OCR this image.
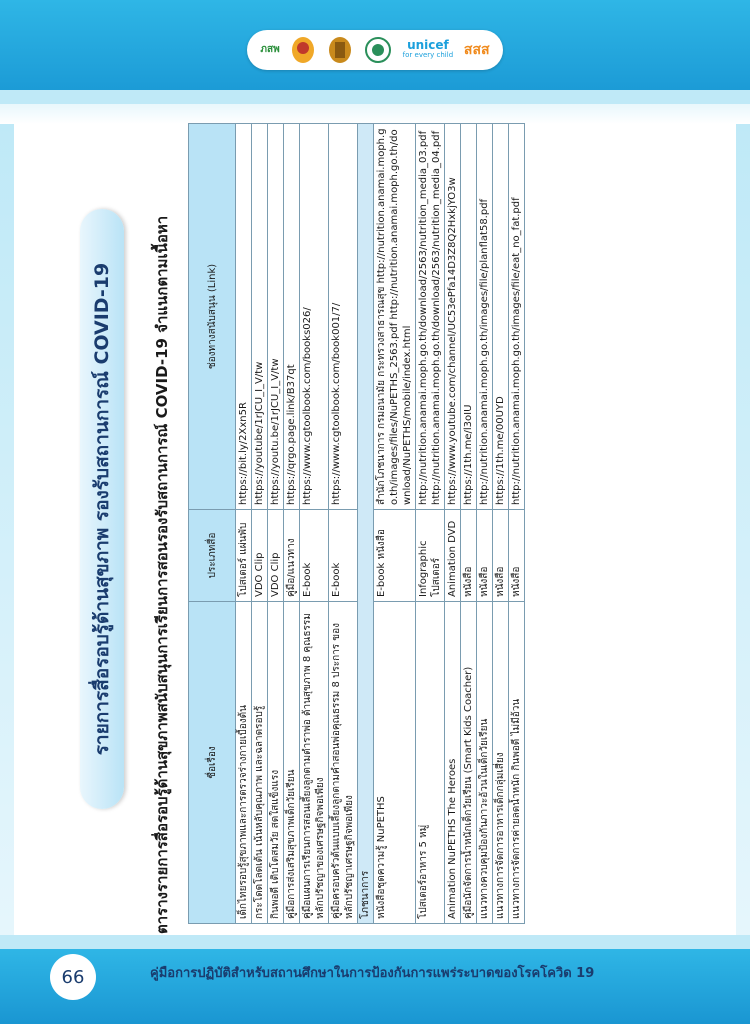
ภสพ	unicef
for every child สสส
รายการสื่อรอบรู้ด้านสุขภาพ รองรับสถานการณ์ COVID-19	ตารางรายการสื่อรอบรู้ด้านสุขภาพสนับสนุนการเรียนการสอนรองรับสถานการณ์ COVID-19 จำแนกตามเนื้อหา	ชื่อเรื่อง	ประเภทสื่อ	ช่องทางสนับสนุน (Link)
เด็กไทยรอบรู้สุขภาพและการตรวจร่างกายเบื้องต้น	โปสเตอร์ แผ่นพับ	https://bit.ly/2Xxn5R
กระโดดโลดเต้น เน้นหลับคุณภาพ และฉลาดรอบรู้	VDO Clip	https://youtube/1rJCU_I_V/tw
กินพอดี เติบโตสมวัย สดใสแข็งแรง	VDO Clip	https://youtu.be/1rJCU_I_V/tw
คู่มือการส่งเสริมสุขภาพเด็กวัยเรียน	คู่มือ/แนวทาง	https://qrgo.page.link/B37qt
คู่มือแผนการเรียนการสอนเลี้ยงลูกตามตำราพ่อ ด้านสุขภาพ 8 คุณธรรมหลักปรัชญาของเศรษฐกิจพอเพียง	E-book	https://www.cgtoolbook.com/books026/
คู่มือครอบครัวต้นแบบเลี้ยงลูกตามคำสอนพ่อคุณธรรม 8 ประการ ของหลักปรัชญาเศรษฐกิจพอเพียง	E-book	https://www.cgtoolbook.com/book001/7/
โภชนาการ		
หนังสือชุดความรู้ NuPETHS	E-book หนังสือ	สำนักโภชนาการ กรมอนามัย กระทรวงสาธารณสุข http://nutrition.anamai.moph.go.th/images/files/NuPETHS_2563.pdf http://nutrition.anamai.moph.go.th/download/NuPETHS/mobile/index.html
โปสเตอร์อาหาร 5 หมู่	Infographic โปสเตอร์	http://nutrition.anamai.moph.go.th/download/2563/nutrition_media_03.pdf http://nutrition.anamai.moph.go.th/download/2563/nutrition_media_04.pdf
Animation NuPETHS The Heroes	Animation DVD	https://www.youtube.com/channel/UC53ePfa14D3Z8Q2HxkjYO3w
คู่มือนักจัดการน้ำหนักเด็กวัยเรียน (Smart Kids Coacher)	หนังสือ	https://1th.me/l3oIU
แนวทางควบคุมป้องกันภาวะอ้วนในเด็กวัยเรียน	หนังสือ	http://nutrition.anamai.moph.go.th/images/file/planflat58.pdf
แนวทางการจัดการอาหารเด็กกลุ่มเสี่ยง	หนังสือ	https://1th.me/00UYD
แนวทางการจัดการค่ายลดน้ำหนัก กินพอดี ไม่มีอ้วน	หนังสือ	http://nutrition.anamai.moph.go.th/images/file/eat_no_fat.pdf
66	คู่มือการปฏิบัติสำหรับสถานศึกษาในการป้องกันการแพร่ระบาดของโรคโควิด 19
